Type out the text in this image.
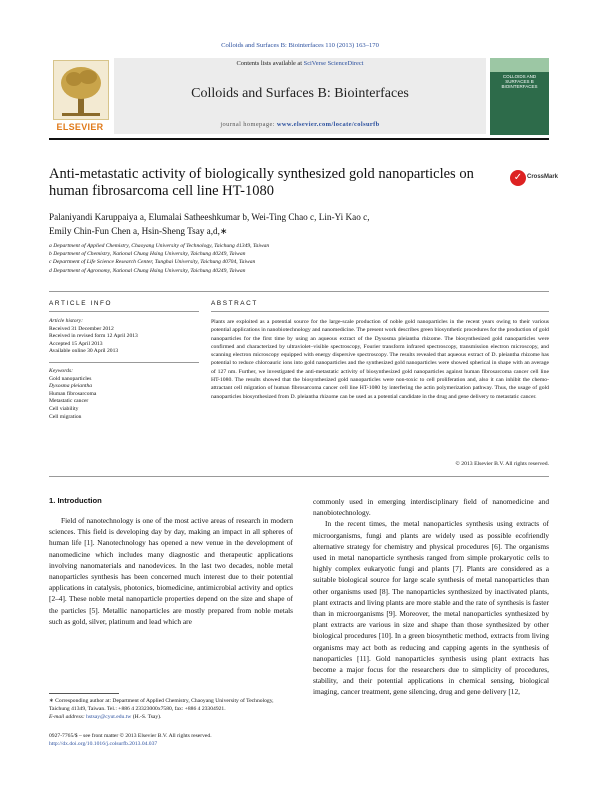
Colloids and Surfaces B: Biointerfaces 110 (2013) 163–170
ELSEVIER
Contents lists available at SciVerse ScienceDirect
Colloids and Surfaces B: Biointerfaces
journal homepage: www.elsevier.com/locate/colsurfb
COLLOIDS AND SURFACES B BIOINTERFACES
Anti-metastatic activity of biologically synthesized gold nanoparticles on human fibrosarcoma cell line HT-1080
✓ CrossMark
Palaniyandi Karuppaiya a, Elumalai Satheeshkumar b, Wei-Ting Chao c, Lin-Yi Kao c,
Emily Chin-Fun Chen a, Hsin-Sheng Tsay a,d,∗
a Department of Applied Chemistry, Chaoyang University of Technology, Taichung 41349, Taiwan
b Department of Chemistry, National Chung Hsing University, Taichung 40249, Taiwan
c Department of Life Science Research Center, Tunghai University, Taichung 40704, Taiwan
d Department of Agronomy, National Chung Hsing University, Taichung 40249, Taiwan
ARTICLE INFO	ABSTRACT
Article history:
Received 31 December 2012
Received in revised form 12 April 2013
Accepted 15 April 2013
Available online 30 April 2013
Keywords:
Gold nanoparticles
Dysosma pleiantha
Human fibrosarcoma
Metastatic cancer
Cell viability
Cell migration
Plants are exploited as a potential source for the large-scale production of noble gold nanoparticles in the recent years owing to their various potential applications in nanobiotechnology and nanomedicine. The present work describes green biosynthetic procedures for the production of gold nanoparticles for the first time by using an aqueous extract of the Dysosma pleiantha rhizome. The biosynthesized gold nanoparticles were confirmed and characterized by ultraviolet–visible spectroscopy, Fourier transform infrared spectroscopy, transmission electron microscopy, and scanning electron microscopy equipped with energy dispersive spectroscopy. The results revealed that aqueous extract of D. pleiantha rhizome has potential to reduce chloroauric ions into gold nanoparticles and the synthesized gold nanoparticles were showed spherical in shape with an average of 127 nm. Further, we investigated the anti-metastatic activity of biosynthesized gold nanoparticles against human fibrosarcoma cancer cell line HT-1080. The results showed that the biosynthesized gold nanoparticles were non-toxic to cell proliferation and, also it can inhibit the chemo-attractant cell migration of human fibrosarcoma cancer cell line HT-1080 by interfering the actin polymerization pathway. Thus, the usage of gold nanoparticles biosynthesized from D. pleiantha rhizome can be used as a potential candidate in the drug and gene delivery to metastatic cancer.
© 2013 Elsevier B.V. All rights reserved.
1. Introduction

Field of nanotechnology is one of the most active areas of research in modern sciences. This field is developing day by day, making an impact in all spheres of human life [1]. Nanotechnology has opened a new venue in the development of nanomedicine which includes many diagnostic and therapeutic applications involving nanomaterials and nanodevices. In the last two decades, noble metal nanoparticles synthesis has been concerned much interest due to their potential applications in catalysis, photonics, biomedicine, antimicrobial activity and optics [2–4]. These noble metal nanoparticle properties depend on the size and shape of the particles [5]. Metallic nanoparticles are mostly prepared from noble metals such as gold, silver, platinum and lead which are

commonly used in emerging interdisciplinary field of nanomedicine and nanobiotechnology.

In the recent times, the metal nanoparticles synthesis using extracts of microorganisms, fungi and plants are widely used as possible ecofriendly alternative strategy for chemistry and physical procedures [6]. The organisms used in metal nanoparticle synthesis ranged from simple prokaryotic cells to highly complex eukaryotic fungi and plants [7]. Plants are considered as a suitable biological source for large scale synthesis of metal nanoparticles than other organisms used [8]. The nanoparticles synthesized by inactivated plants, plant extracts and living plants are more stable and the rate of synthesis is faster than in microorganisms [9]. Moreover, the metal nanoparticles synthesized by plant extracts are various in size and shape than those synthesized by other biological procedures [10]. In a green biosynthetic method, extracts from living organisms may act both as reducing and capping agents in the synthesis of nanoparticles [11]. Gold nanoparticles synthesis using plant extracts has become a major focus for the researchers due to simplicity of procedures, stability, and their potential applications in chemical sensing, biological imaging, cancer treatment, gene silencing, drug and gene delivery [12,

∗ Corresponding author at: Department of Applied Chemistry, Chaoyang University of Technology, Taichung 41349, Taiwan. Tel.: +886 4 23323000x7580, fax: +886 4 23304921.
E-mail address: hstsay@cyut.edu.tw (H.-S. Tsay).
0927-7765/$ – see front matter © 2013 Elsevier B.V. All rights reserved.
http://dx.doi.org/10.1016/j.colsurfb.2013.04.037
